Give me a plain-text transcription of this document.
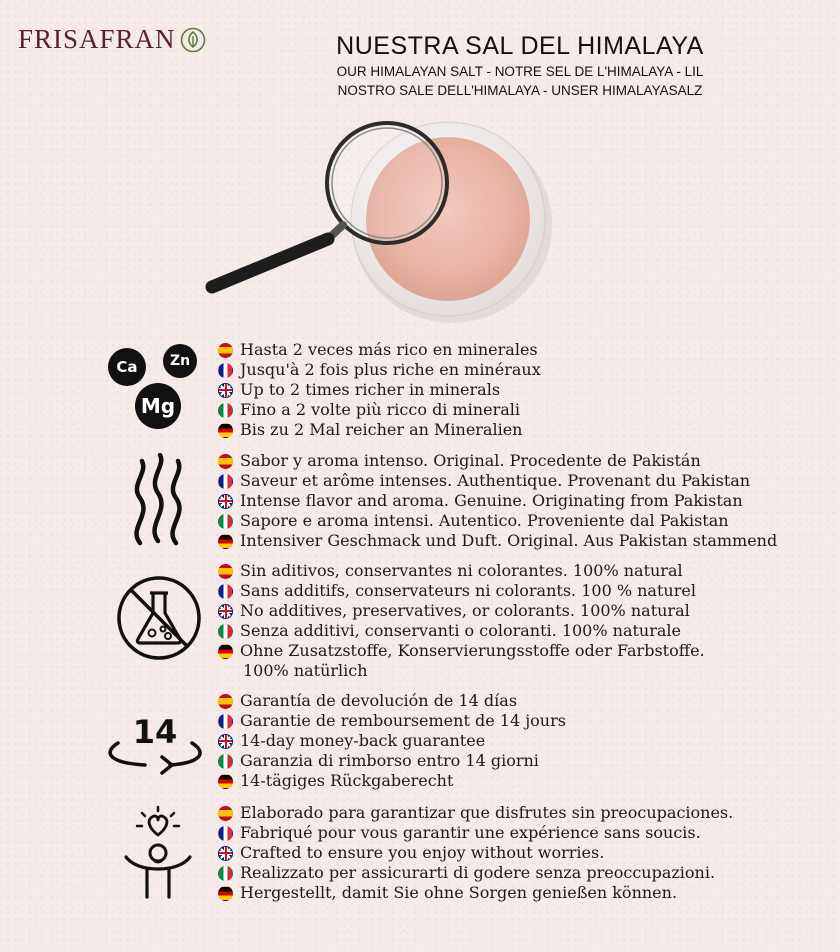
FRISAFRAN	NUESTRA SAL DEL HIMALAYA
OUR HIMALAYAN SALT - NOTRE SEL DE L'HIMALAYA - LIL
NOSTRO SALE DELL'HIMALAYA - UNSER HIMALAYASALZ
Ca	Zn
Mg
Hasta 2 veces más rico en minerales
Jusqu'à 2 fois plus riche en minéraux
Up to 2 times richer in minerals
Fino a 2 volte più ricco di minerali
Bis zu 2 Mal reicher an Mineralien
Sabor y aroma intenso. Original. Procedente de Pakistán
Saveur et arôme intenses. Authentique. Provenant du Pakistan
Intense flavor and aroma. Genuine. Originating from Pakistan
Sapore e aroma intensi. Autentico. Proveniente dal Pakistan
Intensiver Geschmack und Duft. Original. Aus Pakistan stammend
Sin aditivos, conservantes ni colorantes. 100% natural
Sans additifs, conservateurs ni colorants. 100 % naturel
No additives, preservatives, or colorants. 100% natural
Senza additivi, conservanti o coloranti. 100% naturale
Ohne Zusatzstoffe, Konservierungsstoffe oder Farbstoffe.
100% natürlich
14
Garantía de devolución de 14 días
Garantie de remboursement de 14 jours
14-day money-back guarantee
Garanzia di rimborso entro 14 giorni
14-tägiges Rückgaberecht
Elaborado para garantizar que disfrutes sin preocupaciones.
Fabriqué pour vous garantir une expérience sans soucis.
Crafted to ensure you enjoy without worries.
Realizzato per assicurarti di godere senza preoccupazioni.
Hergestellt, damit Sie ohne Sorgen genießen können.
